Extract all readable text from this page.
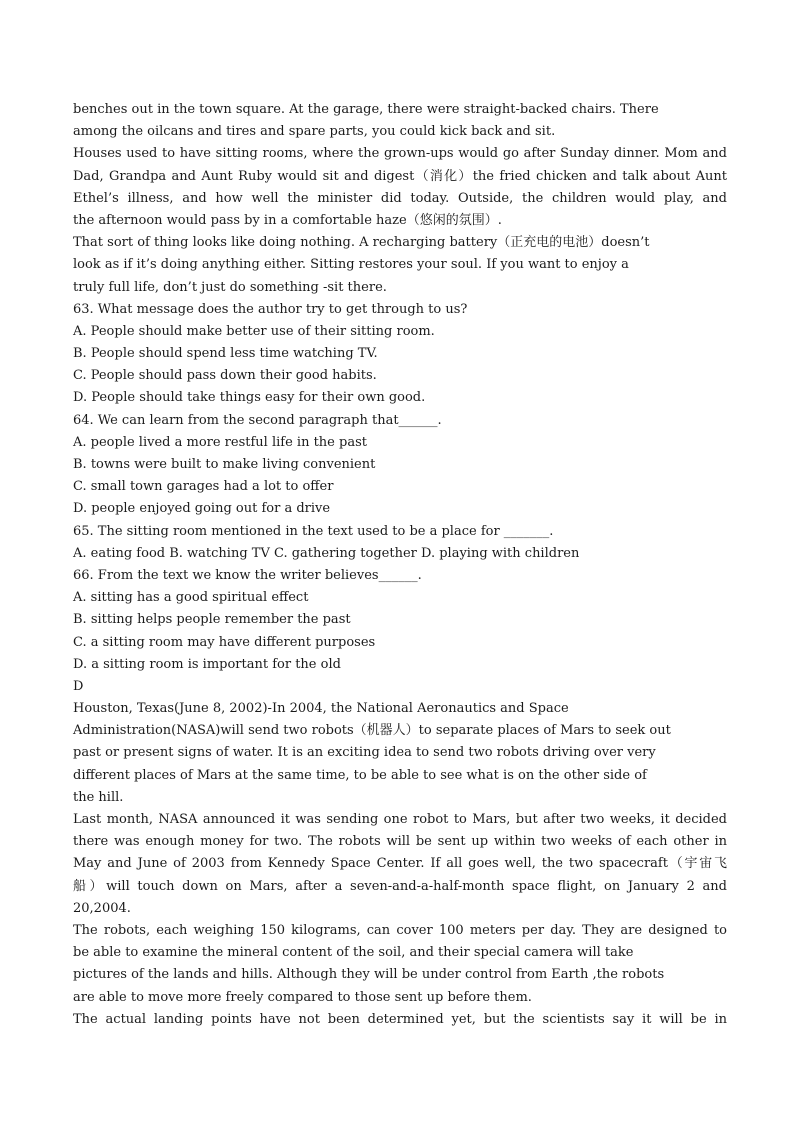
benches out in the town square. At the garage, there were straight-backed chairs. There
among the oilcans and tires and spare parts, you could kick back and sit.
Houses used to have sitting rooms, where the grown-ups would go after Sunday dinner. Mom and
Dad, Grandpa and Aunt Ruby would sit and digest（消化）the fried chicken and talk about Aunt
Ethel’s illness, and how well the minister did today. Outside, the children would play, and
the afternoon would pass by in a comfortable haze（悠闲的氛围）.
That sort of thing looks like doing nothing. A recharging battery（正充电的电池）doesn’t
look as if it’s doing anything either. Sitting restores your soul. If you want to enjoy a
truly full life, don’t just do something -sit there.
63. What message does the author try to get through to us?
A. People should make better use of their sitting room.
B. People should spend less time watching TV.
C. People should pass down their good habits.
D. People should take things easy for their own good.
64. We can learn from the second paragraph that______.
A. people lived a more restful life in the past
B. towns were built to make living convenient
C. small town garages had a lot to offer
D. people enjoyed going out for a drive
65. The sitting room mentioned in the text used to be a place for _______.
A. eating food B. watching TV C. gathering together D. playing with children
66. From the text we know the writer believes______.
A. sitting has a good spiritual effect
B. sitting helps people remember the past
C. a sitting room may have different purposes
D. a sitting room is important for the old
D
Houston, Texas(June 8, 2002)-In 2004, the National Aeronautics and Space
Administration(NASA)will send two robots（机器人）to separate places of Mars to seek out
past or present signs of water. It is an exciting idea to send two robots driving over very
different places of Mars at the same time, to be able to see what is on the other side of
the hill.
Last month, NASA announced it was sending one robot to Mars, but after two weeks, it decided
there was enough money for two. The robots will be sent up within two weeks of each other in
May and June of 2003 from Kennedy Space Center. If all goes well, the two spacecraft（宇宙飞
船）will touch down on Mars, after a seven-and-a-half-month space flight, on January 2 and
20,2004.
The robots, each weighing 150 kilograms, can cover 100 meters per day. They are designed to
be able to examine the mineral content of the soil, and their special camera will take
pictures of the lands and hills. Although they will be under control from Earth ,the robots
are able to move more freely compared to those sent up before them.
The actual landing points have not been determined yet, but the scientists say it will be in
